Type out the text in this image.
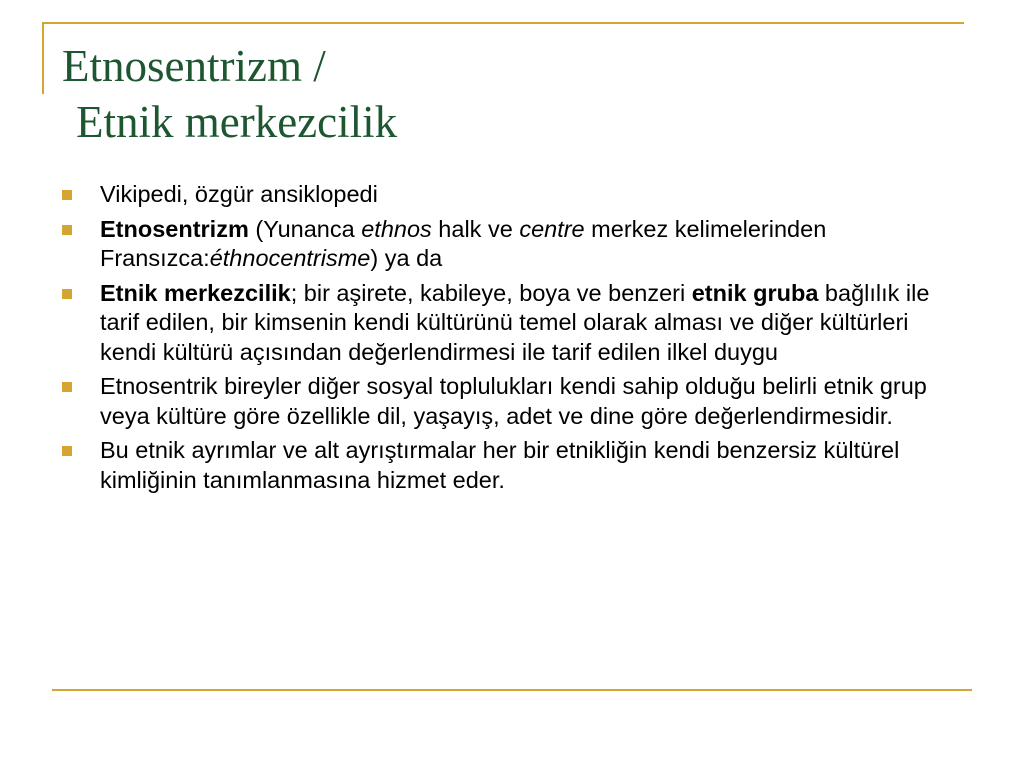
Etnosentrizm /
Etnik merkezcilik
Vikipedi, özgür ansiklopedi
Etnosentrizm (Yunanca ethnos halk ve centre merkez kelimelerinden Fransızca:éthnocentrisme) ya da
Etnik merkezcilik; bir aşirete, kabileye, boya ve benzeri etnik gruba bağlılık ile tarif edilen, bir kimsenin kendi kültürünü temel olarak alması ve diğer kültürleri kendi kültürü açısından değerlendirmesi ile tarif edilen ilkel duygu
Etnosentrik bireyler diğer sosyal toplulukları kendi sahip olduğu belirli etnik grup veya kültüre göre özellikle dil, yaşayış, adet ve dine göre değerlendirmesidir.
Bu etnik ayrımlar ve alt ayrıştırmalar her bir etnikliğin kendi benzersiz kültürel kimliğinin tanımlanmasına hizmet eder.
